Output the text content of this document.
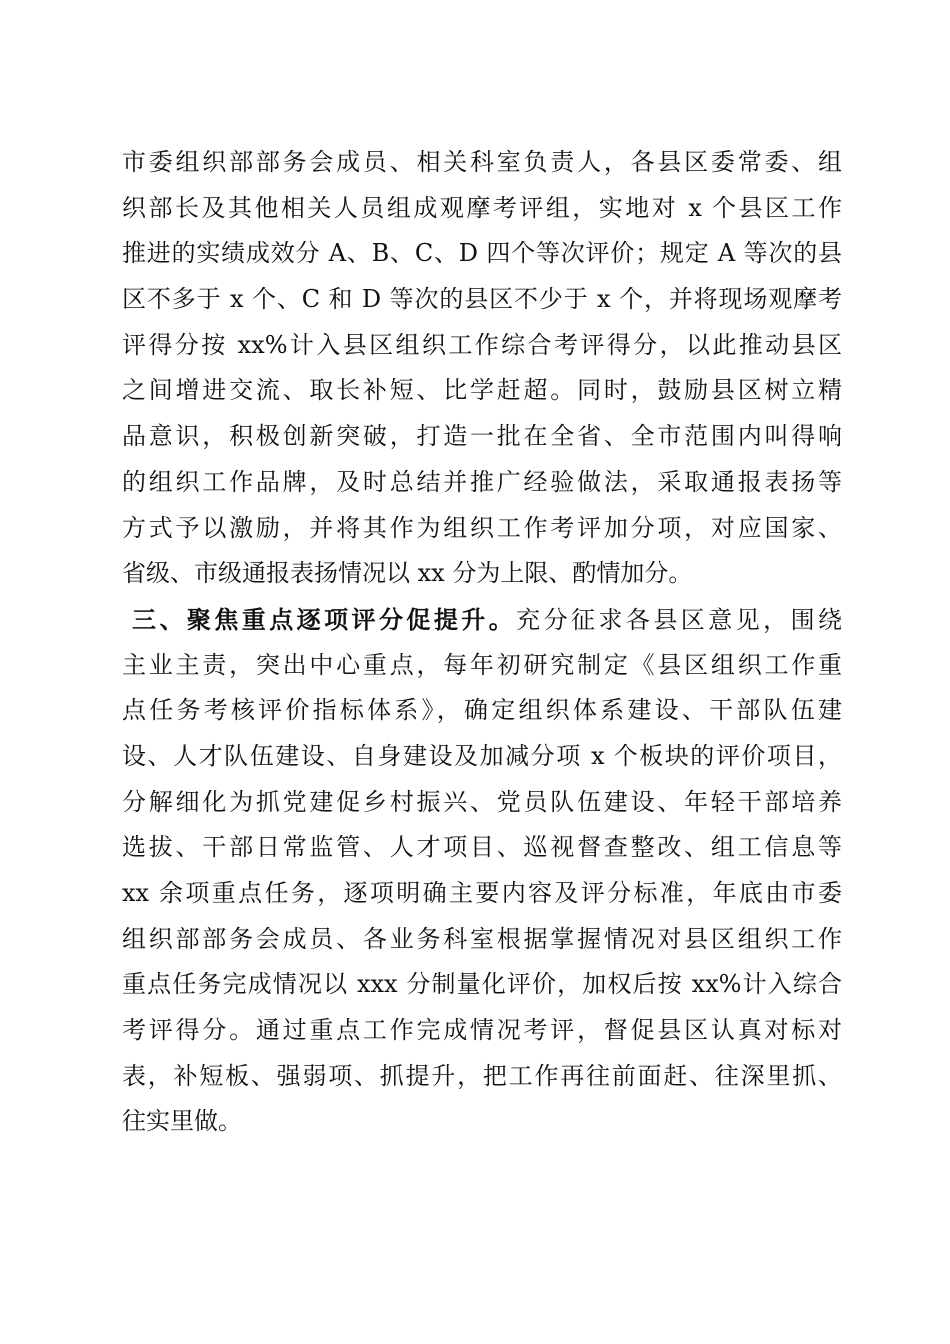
市委组织部部务会成员、相关科室负责人，各县区委常委、组
织部长及其他相关人员组成观摩考评组，实地对 x 个县区工作
推进的实绩成效分 A、B、C、D 四个等次评价；规定 A 等次的县
区不多于 x 个、C 和 D 等次的县区不少于 x 个，并将现场观摩考
评得分按 xx%计入县区组织工作综合考评得分，以此推动县区
之间增进交流、取长补短、比学赶超。同时，鼓励县区树立精
品意识，积极创新突破，打造一批在全省、全市范围内叫得响
的组织工作品牌，及时总结并推广经验做法，采取通报表扬等
方式予以激励，并将其作为组织工作考评加分项，对应国家、
省级、市级通报表扬情况以 xx 分为上限、酌情加分。
三、聚焦重点逐项评分促提升。充分征求各县区意见，围绕
主业主责，突出中心重点，每年初研究制定《县区组织工作重
点任务考核评价指标体系》，确定组织体系建设、干部队伍建
设、人才队伍建设、自身建设及加减分项 x 个板块的评价项目，
分解细化为抓党建促乡村振兴、党员队伍建设、年轻干部培养
选拔、干部日常监管、人才项目、巡视督查整改、组工信息等
xx 余项重点任务，逐项明确主要内容及评分标准，年底由市委
组织部部务会成员、各业务科室根据掌握情况对县区组织工作
重点任务完成情况以 xxx 分制量化评价，加权后按 xx%计入综合
考评得分。通过重点工作完成情况考评，督促县区认真对标对
表，补短板、强弱项、抓提升，把工作再往前面赶、往深里抓、
往实里做。
